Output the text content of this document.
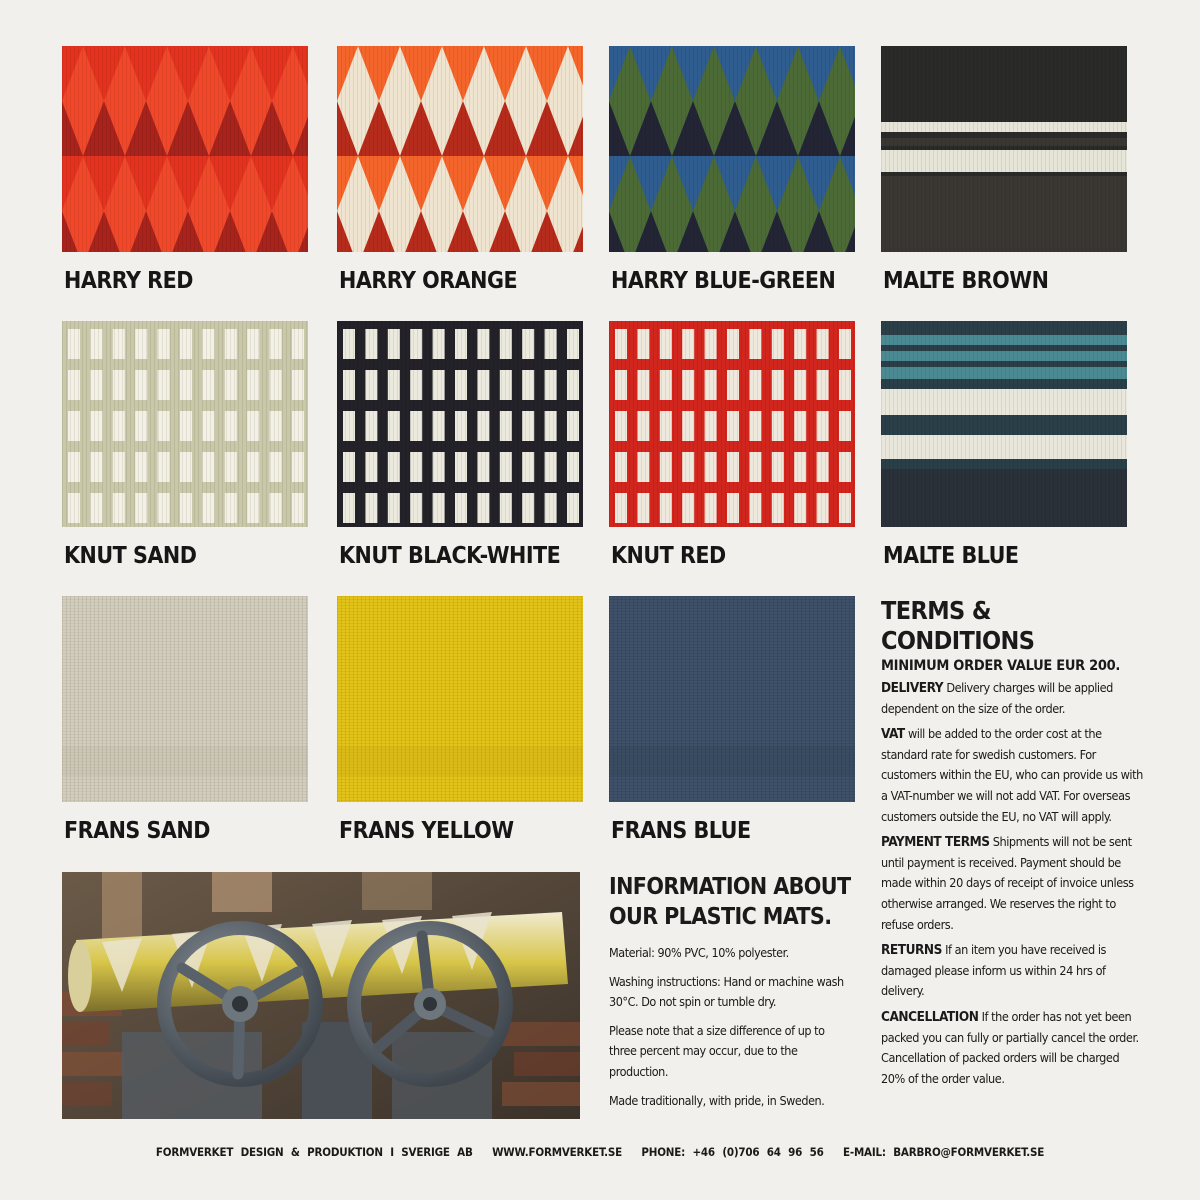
HARRY RED	HARRY ORANGE	HARRY BLUE-GREEN MALTE BROWN
KNUT SAND	KNUT BLACK-WHITE KNUT RED	MALTE BLUE
FRANS SAND	FRANS YELLOW	FRANS BLUE
TERMS & CONDITIONS
MINIMUM ORDER VALUE EUR 200.

DELIVERY Delivery charges will be applied dependent on the size of the order.

VAT will be added to the order cost at the standard rate for swedish customers. For customers within the EU, who can provide us with a VAT-number we will not add VAT. For overseas customers outside the EU, no VAT will apply.

PAYMENT TERMS Shipments will not be sent until payment is received. Payment should be made within 20 days of receipt of invoice unless otherwise arranged. We reserves the right to refuse orders.

RETURNS If an item you have received is damaged please inform us within 24 hrs of delivery.

CANCELLATION If the order has not yet been packed you can fully or partially cancel the order. Cancellation of packed orders will be charged 20% of the order value.

INFORMATION ABOUT OUR PLASTIC MATS.

Material: 90% PVC, 10% polyester.

Washing instructions: Hand or machine wash 30°C. Do not spin or tumble dry.

Please note that a size difference of up to three percent may occur, due to the production.

Made traditionally, with pride, in Sweden.

FORMVERKET DESIGN & PRODUKTION I SVERIGE AB WWW.FORMVERKET.SE PHONE: +46 (0)706 64 96 56 E-MAIL: BARBRO@FORMVERKET.SE
